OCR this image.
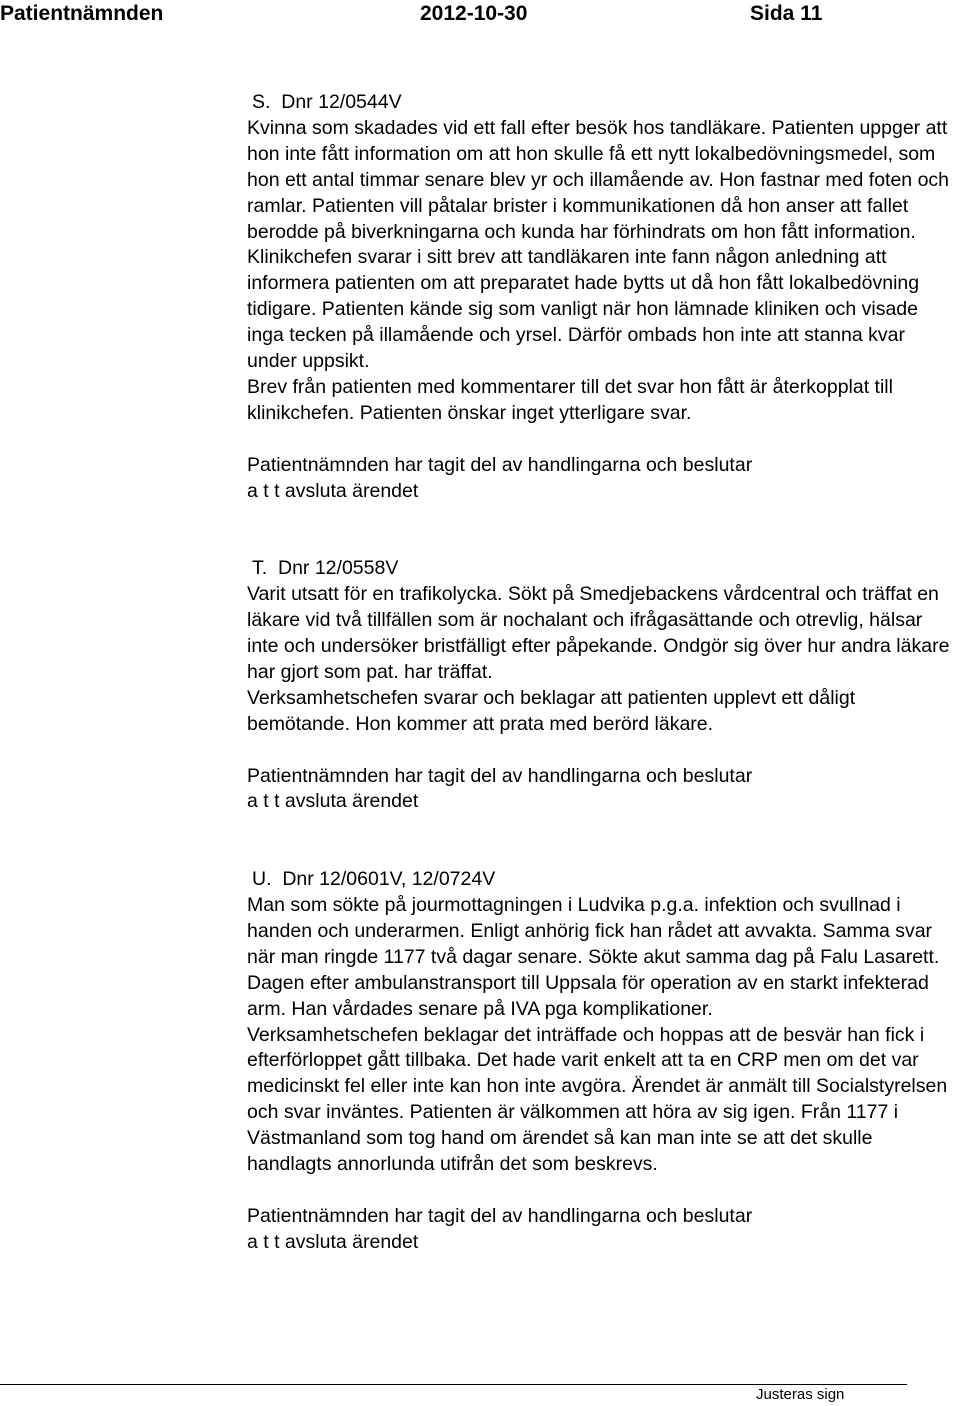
Patientnämnden	2012-10-30	Sida 11
S.  Dnr 12/0544V

Kvinna som skadades vid ett fall efter besök hos tandläkare. Patienten uppger att hon inte fått information om att hon skulle få ett nytt lokalbedövningsmedel, som hon ett antal timmar senare blev yr och illamående av. Hon fastnar med foten och ramlar. Patienten vill påtalar brister i kommunikationen då hon anser att fallet berodde på biverkningarna och kunda har förhindrats om hon fått information.

Klinikchefen svarar i sitt brev att tandläkaren inte fann någon anledning att informera patienten om att preparatet hade bytts ut då hon fått lokalbedövning tidigare. Patienten kände sig som vanligt när hon lämnade kliniken och visade inga tecken på illamående och yrsel. Därför ombads hon inte att stanna kvar under uppsikt.

Brev från patienten med kommentarer till det svar hon fått är återkopplat till klinikchefen. Patienten önskar inget ytterligare svar.

Patientnämnden har tagit del av handlingarna och beslutar
a t t avsluta ärendet
T.  Dnr 12/0558V

Varit utsatt för en trafikolycka. Sökt på Smedjebackens vårdcentral och träffat en läkare vid två tillfällen som är nochalant och ifrågasättande och otrevlig, hälsar inte och undersöker bristfälligt efter påpekande. Ondgör sig över hur andra läkare har gjort som pat. har träffat.

Verksamhetschefen svarar och beklagar att patienten upplevt ett dåligt bemötande. Hon kommer att prata med berörd läkare.

Patientnämnden har tagit del av handlingarna och beslutar
a t t avsluta ärendet
U.  Dnr 12/0601V, 12/0724V

Man som sökte på jourmottagningen i Ludvika p.g.a. infektion och svullnad i handen och underarmen. Enligt anhörig fick han rådet att avvakta. Samma svar när man ringde 1177 två dagar senare. Sökte akut samma dag på Falu Lasarett. Dagen efter ambulanstransport till Uppsala för operation av en starkt infekterad arm. Han vårdades senare på IVA pga komplikationer.

Verksamhetschefen beklagar det inträffade och hoppas att de besvär han fick i efterförloppet gått tillbaka. Det hade varit enkelt att ta en CRP men om det var medicinskt fel eller inte kan hon inte avgöra. Ärendet är anmält till Socialstyrelsen och svar inväntes. Patienten är välkommen att höra av sig igen. Från 1177 i Västmanland som tog hand om ärendet så kan man inte se att det skulle handlagts annorlunda utifrån det som beskrevs.

Patientnämnden har tagit del av handlingarna och beslutar
a t t avsluta ärendet
Justeras sign
